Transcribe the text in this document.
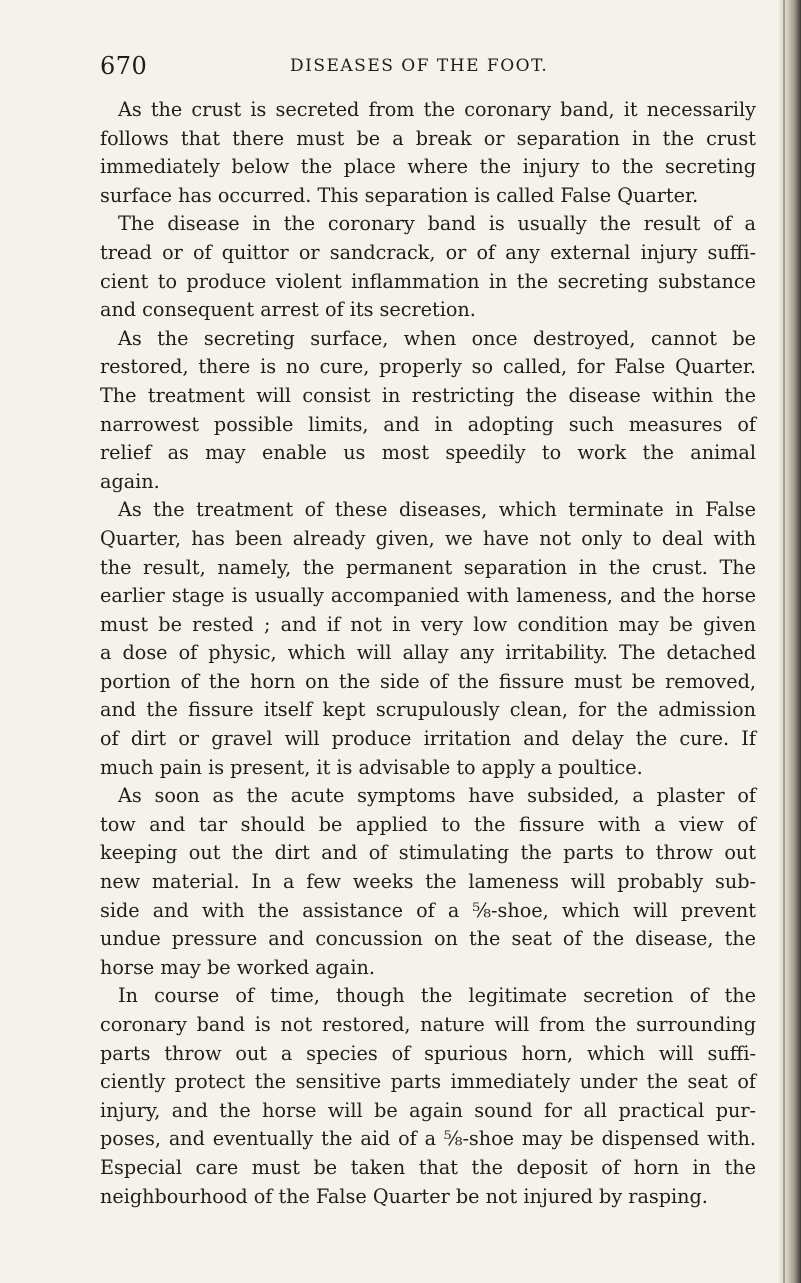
670	DISEASES OF THE FOOT.
As the crust is secreted from the coronary band, it necessarily
follows that there must be a break or separation in the crust
immediately below the place where the injury to the secreting
surface has occurred. This separation is called False Quarter.
The disease in the coronary band is usually the result of a
tread or of quittor or sandcrack, or of any external injury suffi-
cient to produce violent inflammation in the secreting substance
and consequent arrest of its secretion.
As the secreting surface, when once destroyed, cannot be
restored, there is no cure, properly so called, for False Quarter.
The treatment will consist in restricting the disease within the
narrowest possible limits, and in adopting such measures of
relief as may enable us most speedily to work the animal
again.
As the treatment of these diseases, which terminate in False
Quarter, has been already given, we have not only to deal with
the result, namely, the permanent separation in the crust. The
earlier stage is usually accompanied with lameness, and the horse
must be rested ; and if not in very low condition may be given
a dose of physic, which will allay any irritability. The detached
portion of the horn on the side of the fissure must be removed,
and the fissure itself kept scrupulously clean, for the admission
of dirt or gravel will produce irritation and delay the cure. If
much pain is present, it is advisable to apply a poultice.
As soon as the acute symptoms have subsided, a plaster of
tow and tar should be applied to the fissure with a view of
keeping out the dirt and of stimulating the parts to throw out
new material. In a few weeks the lameness will probably sub-
side and with the assistance of a ⅝-shoe, which will prevent
undue pressure and concussion on the seat of the disease, the
horse may be worked again.
In course of time, though the legitimate secretion of the
coronary band is not restored, nature will from the surrounding
parts throw out a species of spurious horn, which will suffi-
ciently protect the sensitive parts immediately under the seat of
injury, and the horse will be again sound for all practical pur-
poses, and eventually the aid of a ⅝-shoe may be dispensed with.
Especial care must be taken that the deposit of horn in the
neighbourhood of the False Quarter be not injured by rasping.
